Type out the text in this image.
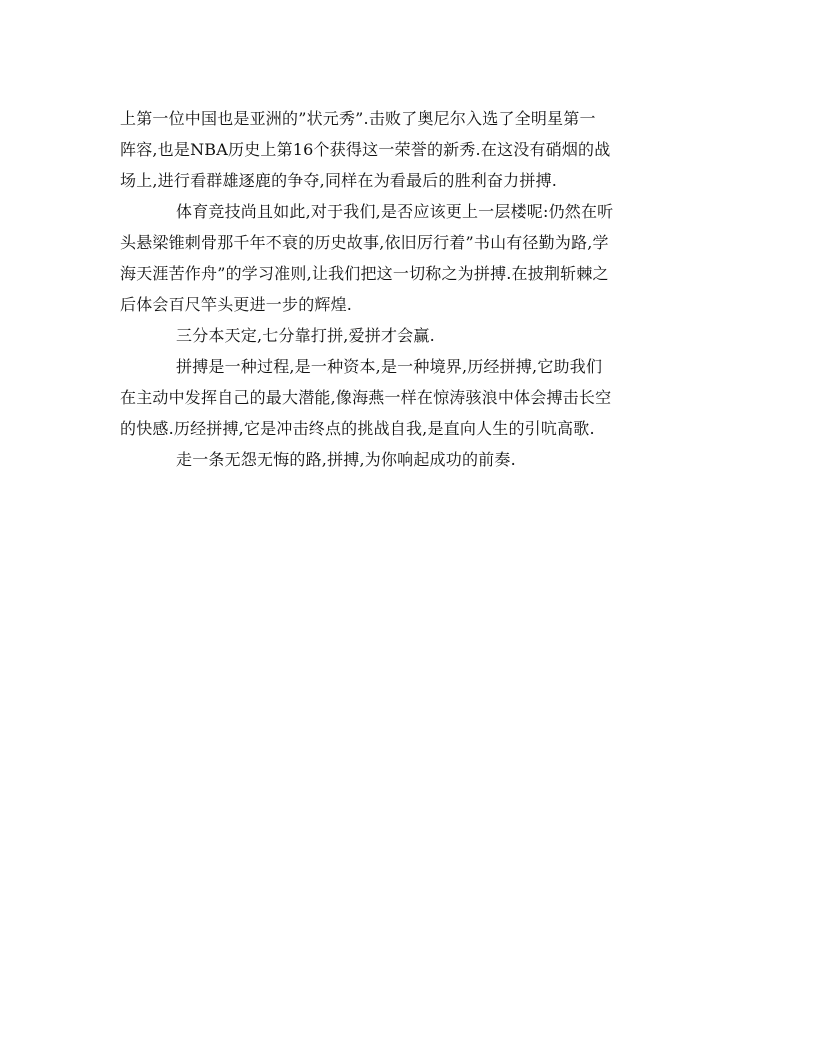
上第一位中国也是亚洲的”状元秀”.击败了奥尼尔入选了全明星第一
阵容,也是NBA历史上第16个获得这一荣誉的新秀.在这没有硝烟的战
场上,进行看群雄逐鹿的争夺,同样在为看最后的胜利奋力拼搏.
体育竞技尚且如此,对于我们,是否应该更上一层楼呢:仍然在听
头悬梁锥刺骨那千年不衰的历史故事,依旧厉行着”书山有径勤为路,学
海天涯苦作舟”的学习准则,让我们把这一切称之为拼搏.在披荆斩棘之
后体会百尺竿头更进一步的辉煌.
三分本天定,七分靠打拼,爱拼才会赢.
拼搏是一种过程,是一种资本,是一种境界,历经拼搏,它助我们
在主动中发挥自己的最大潜能,像海燕一样在惊涛骇浪中体会搏击长空
的快感.历经拼搏,它是冲击终点的挑战自我,是直向人生的引吭高歌.
走一条无怨无悔的路,拼搏,为你响起成功的前奏.
